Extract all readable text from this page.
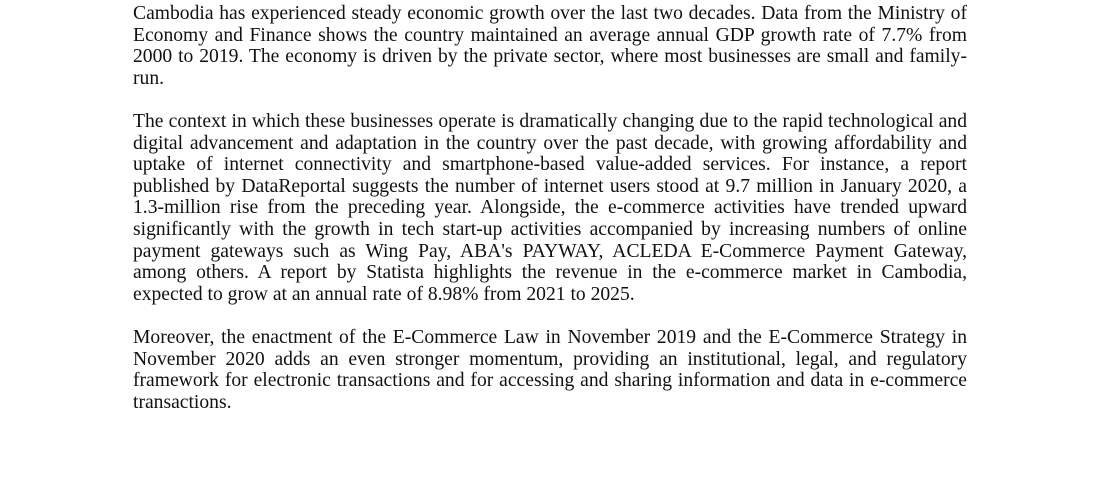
Cambodia has experienced steady economic growth over the last two decades. Data from the Ministry of Economy and Finance shows the country maintained an average annual GDP growth rate of 7.7% from 2000 to 2019. The economy is driven by the private sector, where most businesses are small and family-run.

The context in which these businesses operate is dramatically changing due to the rapid technological and digital advancement and adaptation in the country over the past decade, with growing affordability and uptake of internet connectivity and smartphone-based value-added services. For instance, a report published by DataReportal suggests the number of internet users stood at 9.7 million in January 2020, a 1.3-million rise from the preceding year. Alongside, the e-commerce activities have trended upward significantly with the growth in tech start-up activities accompanied by increasing numbers of online payment gateways such as Wing Pay, ABA's PAYWAY, ACLEDA E-Commerce Payment Gateway, among others. A report by Statista highlights the revenue in the e-commerce market in Cambodia, expected to grow at an annual rate of 8.98% from 2021 to 2025.

Moreover, the enactment of the E-Commerce Law in November 2019 and the E-Commerce Strategy in November 2020 adds an even stronger momentum, providing an institutional, legal, and regulatory framework for electronic transactions and for accessing and sharing information and data in e-commerce transactions.
